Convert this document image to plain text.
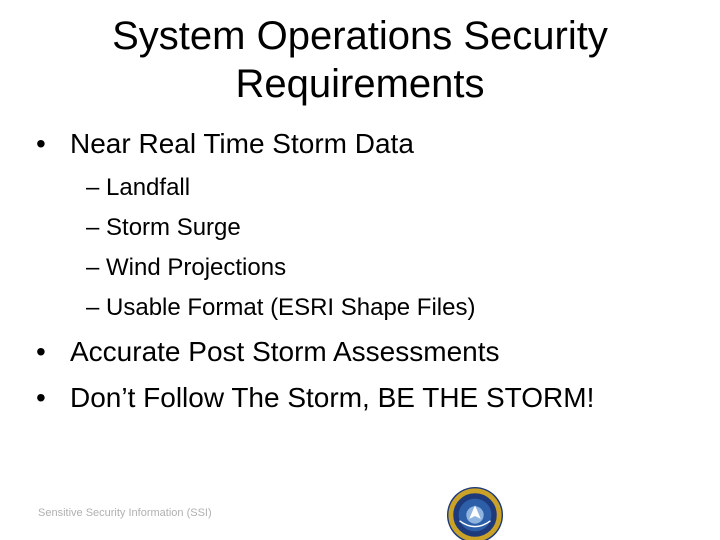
System Operations Security
Requirements
• Near Real Time Storm Data
– Landfall
– Storm Surge
– Wind Projections
– Usable Format (ESRI Shape Files)
• Accurate Post Storm Assessments
• Don’t Follow The Storm, BE THE STORM!
Sensitive Security Information (SSI)
